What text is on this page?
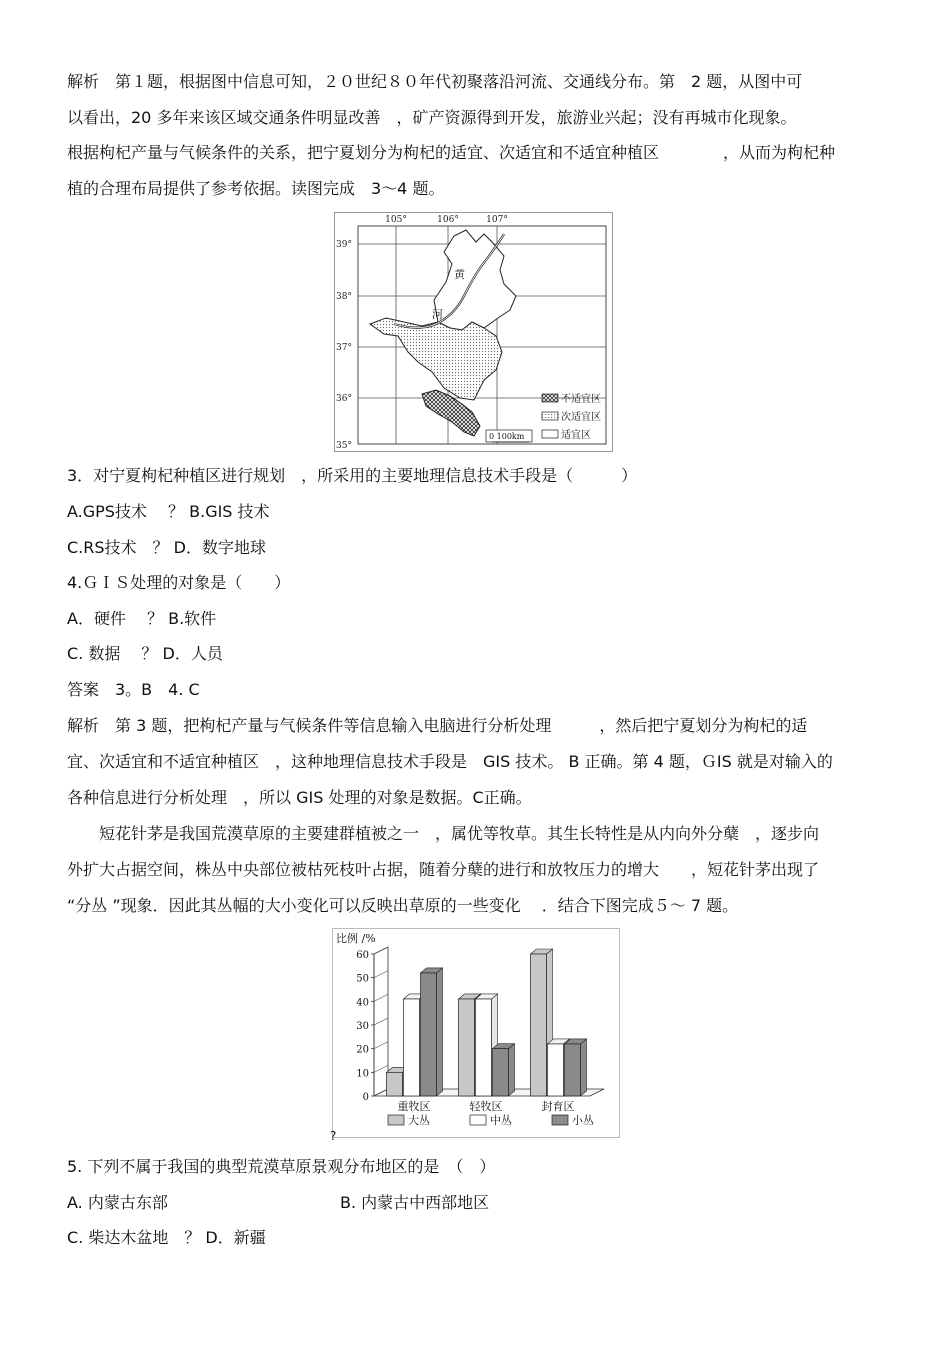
解析　第１题，根据图中信息可知，２０世纪８０年代初聚落沿河流、交通线分布。第　2 题，从图中可
以看出，20 多年来该区域交通条件明显改善　，矿产资源得到开发，旅游业兴起；没有再城市化现象。
根据枸杞产量与气候条件的关系，把宁夏划分为枸杞的适宜、次适宜和不适宜种植区　　　　，从而为枸杞种
植的合理布局提供了参考依据。读图完成　3～4 题。
105°	106°	107°
39°
38°
37°
36°
35°
黄
河
不适宜区
次适宜区
适宜区
0 100km
3．对宁夏枸杞种植区进行规划　，所采用的主要地理信息技术手段是（　　　）
A.GPS技术　 ？ B.GIS 技术
C.RS技术　？ D．数字地球
4.ＧＩＳ处理的对象是（　　）
A．硬件　 ？ B.软件
C. 数据　 ？ D．人员
答案　3。B　4. C
解析　第 3 题，把枸杞产量与气候条件等信息输入电脑进行分析处理　　　，然后把宁夏划分为枸杞的适
宜、次适宜和不适宜种植区　，这种地理信息技术手段是　GIS 技术。 B 正确。第 4 题，ＧIS 就是对输入的
各种信息进行分析处理　，所以 GIS 处理的对象是数据。C正确。
　　短花针茅是我国荒漠草原的主要建群植被之一　，属优等牧草。其生长特性是从内向外分蘖　，逐步向
外扩大占据空间，株丛中央部位被枯死枝叶占据，随着分蘖的进行和放牧压力的增大　　，短花针茅出现了
“分丛 ”现象．因此其丛幅的大小变化可以反映出草原的一些变化　 ．结合下图完成５～ 7 题。
比例 /%
0
10
20
30
40
50
60
重牧区	轻牧区	封育区
大丛	中丛	小丛
?
5. 下列不属于我国的典型荒漠草原景观分布地区的是　（　）
A. 内蒙古东部	B. 内蒙古中西部地区
C. 柴达木盆地　？ D．新疆
